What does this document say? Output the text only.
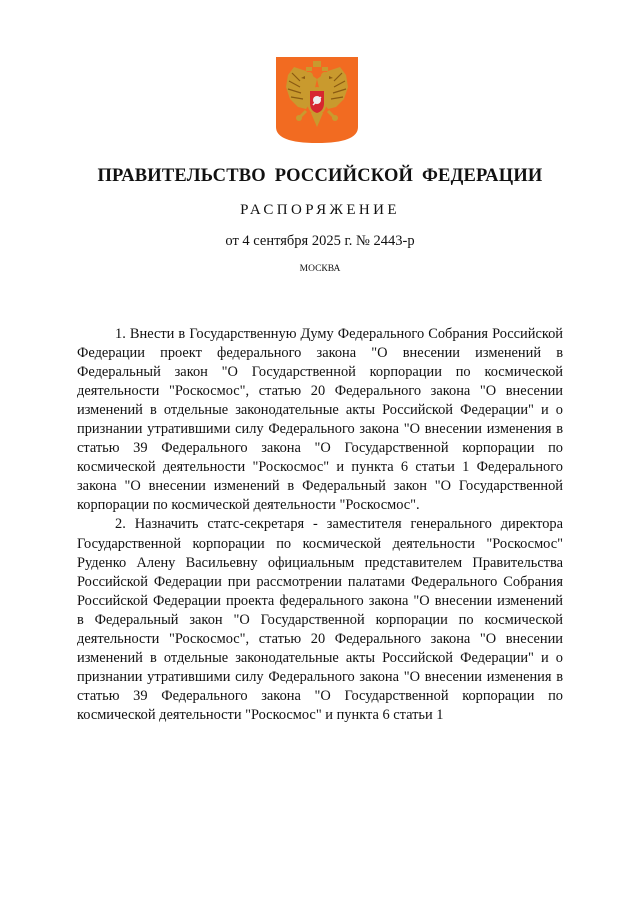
ПРАВИТЕЛЬСТВО РОССИЙСКОЙ ФЕДЕРАЦИИ
РАСПОРЯЖЕНИЕ
от 4 сентября 2025 г. № 2443-р
МОСКВА

1. Внести в Государственную Думу Федерального Собрания Российской Федерации проект федерального закона "О внесении изменений в Федеральный закон "О Государственной корпорации по космической деятельности "Роскосмос", статью 20 Федерального закона "О внесении изменений в отдельные законодательные акты Российской Федерации" и о признании утратившими силу Федерального закона "О внесении изменения в статью 39 Федерального закона "О Государственной корпорации по космической деятельности "Роскосмос" и пункта 6 статьи 1 Федерального закона "О внесении изменений в Федеральный закон "О Государственной корпорации по космической деятельности "Роскосмос".

2. Назначить статс-секретаря - заместителя генерального директора Государственной корпорации по космической деятельности "Роскосмос" Руденко Алену Васильевну официальным представителем Правительства Российской Федерации при рассмотрении палатами Федерального Собрания Российской Федерации проекта федерального закона "О внесении изменений в Федеральный закон "О Государственной корпорации по космической деятельности "Роскосмос", статью 20 Федерального закона "О внесении изменений в отдельные законодательные акты Российской Федерации" и о признании утратившими силу Федерального закона "О внесении изменения в статью 39 Федерального закона "О Государственной корпорации по космической деятельности "Роскосмос" и пункта 6 статьи 1
